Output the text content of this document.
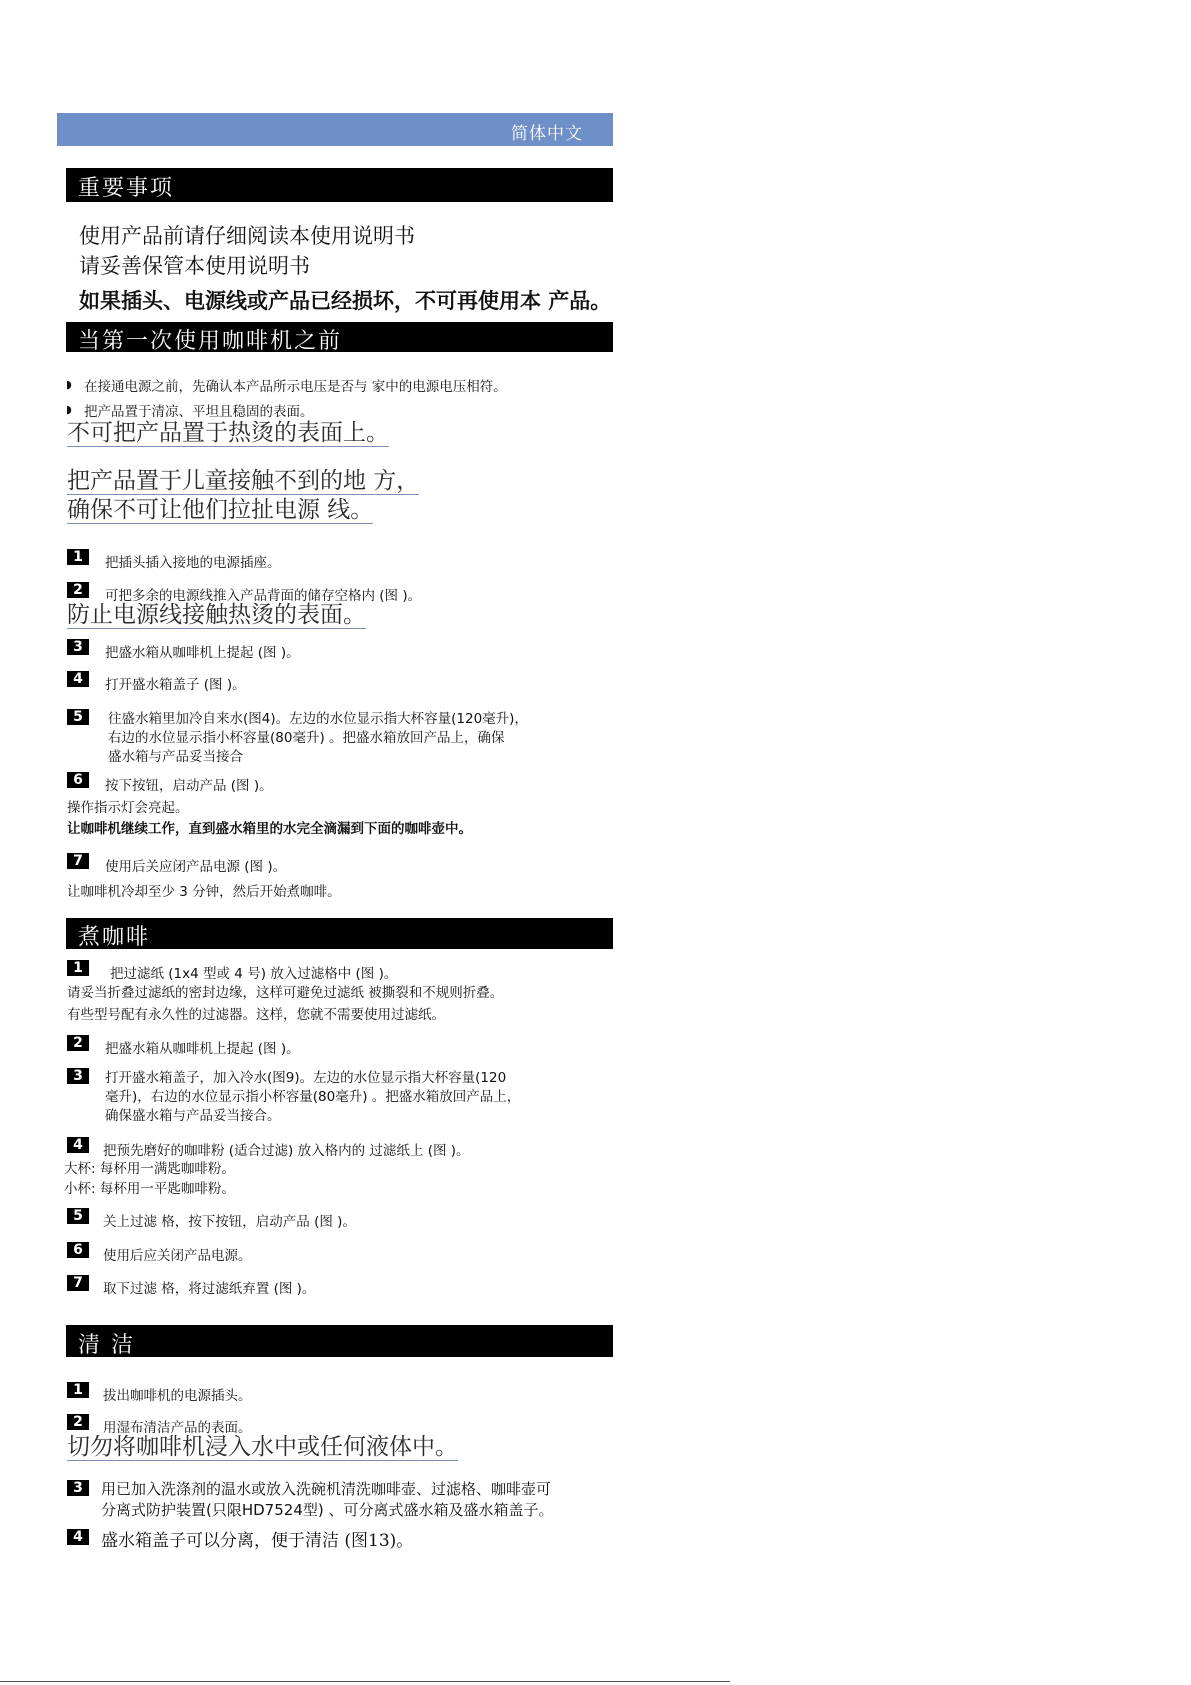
简体中文
重要事项
使用产品前请仔细阅读本使用说明书
请妥善保管本使用说明书
如果插头、电源线或产品已经损坏，不可再使用本 产品。
当第一次使用咖啡机之前
◗ 在接通电源之前，先确认本产品所示电压是否与 家中的电源电压相符。
◗ 把产品置于清凉、平坦且稳固的表面。
不可把产品置于热烫的表面上。
把产品置于儿童接触不到的地 方，
确保不可让他们拉扯电源 线。
1	把插头插入接地的电源插座。
2	可把多余的电源线推入产品背面的储存空格内 (图 )。
防止电源线接触热烫的表面。
3	把盛水箱从咖啡机上提起 (图 )。
4	打开盛水箱盖子 (图 )。
5	往盛水箱里加冷自来水(图4)。左边的水位显示指大杯容量(120毫升)，
右边的水位显示指小杯容量(80毫升) 。把盛水箱放回产品上，确保
盛水箱与产品妥当接合
6	按下按钮，启动产品 (图 )。
操作指示灯会亮起。
让咖啡机继续工作，直到盛水箱里的水完全滴漏到下面的咖啡壶中。
7	使用后关应闭产品电源 (图 )。
让咖啡机冷却至少 3 分钟，然后开始煮咖啡。
煮咖啡
1	把过滤纸 (1x4 型或 4 号) 放入过滤格中 (图 )。
请妥当折叠过滤纸的密封边缘，这样可避免过滤纸 被撕裂和不规则折叠。
有些型号配有永久性的过滤器。这样，您就不需要使用过滤纸。
2	把盛水箱从咖啡机上提起 (图 )。
3	打开盛水箱盖子，加入冷水(图9)。左边的水位显示指大杯容量(120
毫升)，右边的水位显示指小杯容量(80毫升) 。把盛水箱放回产品上，
确保盛水箱与产品妥当接合。
4	把预先磨好的咖啡粉 (适合过滤) 放入格内的 过滤纸上 (图 )。
大杯: 每杯用一满匙咖啡粉。
小杯: 每杯用一平匙咖啡粉。
5	关上过滤 格，按下按钮，启动产品 (图 )。
6	使用后应关闭产品电源。
7	取下过滤 格，将过滤纸弃置 (图 )。
清 洁
1	拔出咖啡机的电源插头。
2	用湿布清洁产品的表面。
切勿将咖啡机浸入水中或任何液体中。
3	用已加入洗涤剂的温水或放入洗碗机清洗咖啡壶、过滤格、咖啡壶可
分离式防护装置(只限HD7524型) 、可分离式盛水箱及盛水箱盖子。
4	盛水箱盖子可以分离，便于清洁 (图13)。
